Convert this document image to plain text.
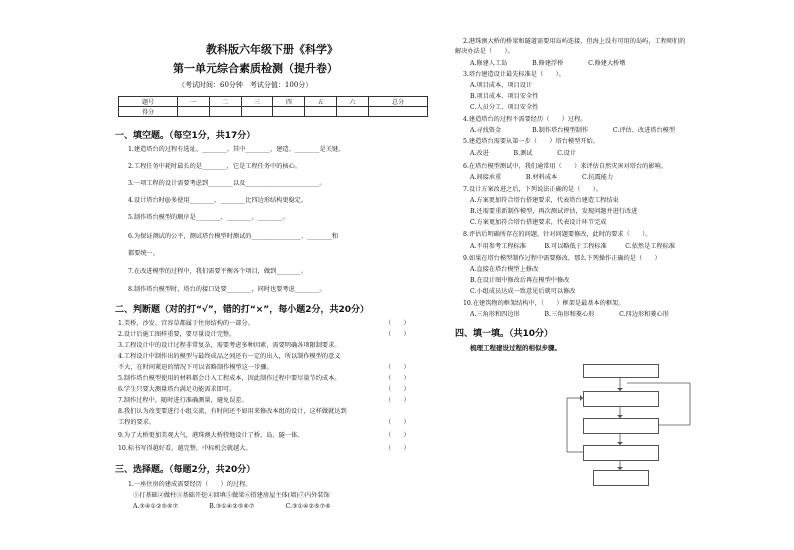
教科版六年级下册《科学》
第一单元综合素质检测（提升卷）
（考试时间：60分钟　考试分值：100分）
题号	一	二	三	四	五	六	总分
得分							
一、填空题。（每空1分，共17分）
1.建造塔台的过程有选址、________、其中________、建造、________是关键。
2.工程任务中耗时最长的是________，它是工程任务中的核心。
3.一项工程的设计需要考虑到________以及________________________。
4.设计塔台时@多使用________、________比四边形结构更稳定。
5.制作塔台模型的顺序是________、________、________。
6.为保证测试的公平，测试塔台模型时测试的________________、________和
都要统一。
7.在改进模型的过程中，我们需要平衡各个项目，做到________。
8.制作塔台模型时，塔台的接口处要________，同时也要考虑________。
二、判断题（对的打“√”，错的打“×”，每小题2分，共20分）
1.美桥、沙发、宫容草都属于住房结构的一部分。
2.设计后施工图样重要，要尽量设计完整。
3.工程设计中的设计过程非常复杂，需要考虑多种因素，需要明确各项限制要求。
4.工程设计中制作出的模型与最终成品之间还有一定的出入，所以制作模型的意义
不大，在时间紧迫的情况下可以省略制作模型这一步骤。
5.制作塔台模型使用的材料都会计入工程成本，因此制作过程中要尽量节约成本。
6.学生只要大测量塔台满足功能需求即可。
7.制作过程中，随时进行准确测量，避免误差。
8.我们认为改变要进行小组交流，有时间还不如用来修改本组的设计，这样做就达到
工程的要求。
9.为了大桥更加美观大气，港珠澳大桥特地设计了桥、岛、隧一体。
10.标书写得越好看，越完整，中标机会就越大。
（　　）
（　　）
（　　）
（　　）
（　　）
（　　）
（　　）
（　　）
（　　）
三、选择题。（每题2分，共20分）
1.一座住房的建成需要经历（　　）的过程。
①打基础②做柱③基础开挖④回填⑤做梁⑥搭建房屋主体(墙)⑦内外装饰
A.③④①②⑤⑥⑦　　　　　B.③①④②⑤⑥⑦　　　　　C.③①④②⑤⑦⑥
2.港珠澳大桥的桥梁和隧道需要用岛屿连接，但海上没有可用的岛屿，工程师们的
解决办法是（　　）。
A.修建人工岛　　　　B.修建浮桥　　　　C.修建大桥墩
3.塔台建造设计最先标准是（　　）。
A.项目成本、项目设计
B.项目成本、项目安全性
C.人员分工、项目安全性
4.建造塔台的过程不需要经历（　　）过程。
A.寻找资金　　　　　B.制作塔台模型制作　　　　C.评估、改进塔台模型
5.建造塔台需要从第一步（　　）塔台模型开始。
A.改进　　　　B.测试　　　　C.设计
6.在塔台模型测试中，我们通常用（　　）来评估自然灾害对塔台的影响。
A.间接承重　　　　B.材料成本　　　　C.抗震能力
7.设计方案改进之后，下列说法正确的是（　　）。
A.方案更加符合塔台搭建要求，代表塔台建造工程结束
B.还需要重新制作模型，再次测试评估，发现问题并进行改进
C.方案更加符合塔台搭建要求，代表设计环节完成
8.评估后明确所存在的问题，针对问题要修改，此时的要求（　　）。
A.不用参考工程标准　　　B.可以略低于工程标准　　　C.依然是工程标准
9.如果在塔台模型制作过程中需要修改，那么下列操作正确的是（　　）
A.直接在塔台模型上修改
B.在设计图中修改后再在模型中修改
C.小组成员达成一致意见后就可以修改
10.在建筑物的框架结构中，（　　）框架是最基本的框架。
A.三角形和四边形　　　　B.三角形和菱心形　　　　C.四边形和菱心形
四、填一填。（共10分）
梳理工程建设过程的相似步骤。
